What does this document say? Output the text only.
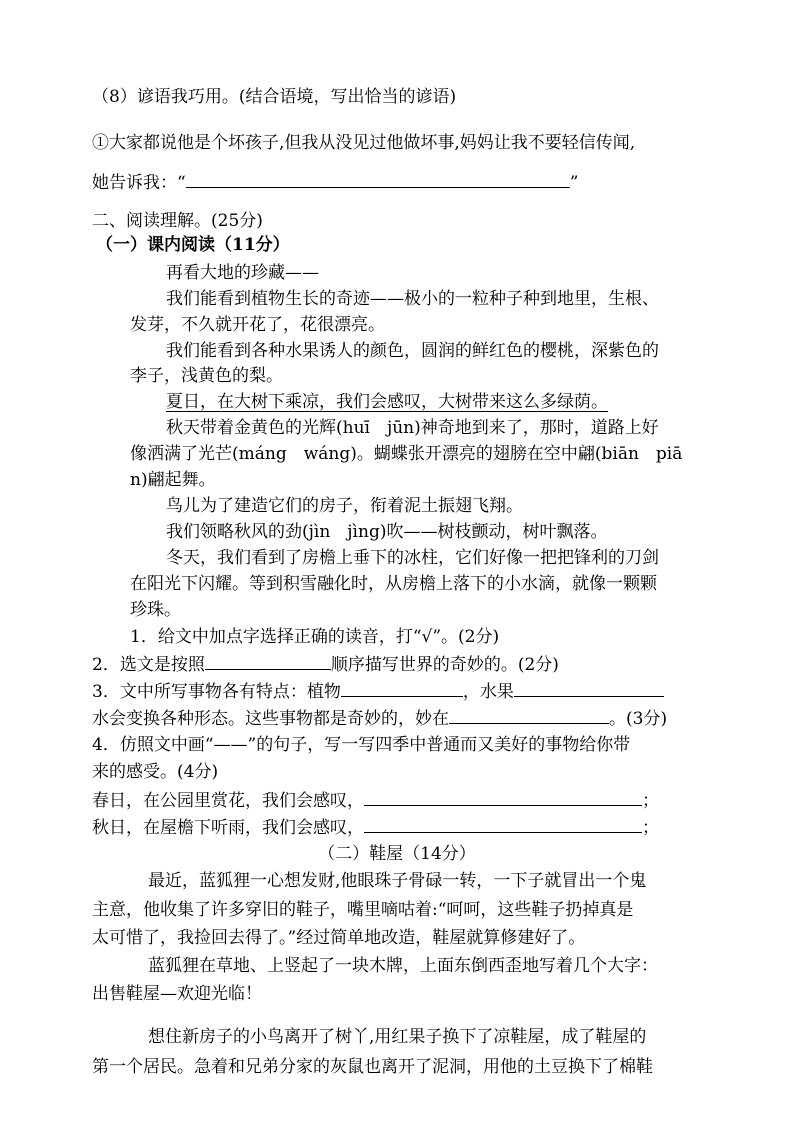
（8）谚语我巧用。(结合语境，写出恰当的谚语)
①大家都说他是个坏孩子,但我从没见过他做坏事,妈妈让我不要轻信传闻,
她告诉我：“	”
二、阅读理解。(25分)
（一）课内阅读（11分）
再看大地的珍藏——
我们能看到植物生长的奇迹——极小的一粒种子种到地里，生根、
发芽，不久就开花了，花很漂亮。
我们能看到各种水果诱人的颜色，圆润的鲜红色的樱桃，深紫色的
李子，浅黄色的梨。
夏日，在大树下乘凉，我们会感叹，大树带来这么多绿荫。
秋天带着金黄色的光辉(huī　jūn)神奇地到来了，那时，道路上好
像洒满了光芒(máng　wáng)。蝴蝶张开漂亮的翅膀在空中翩(biān　piā
n)翩起舞。
鸟儿为了建造它们的房子，衔着泥土振翅飞翔。
我们领略秋风的劲(jìn　jìng)吹——树枝颤动，树叶飘落。
冬天，我们看到了房檐上垂下的冰柱，它们好像一把把锋利的刀剑
在阳光下闪耀。等到积雪融化时，从房檐上落下的小水滴，就像一颗颗
珍珠。
1．给文中加点字选择正确的读音，打“√”。(2分)
2．选文是按照	顺序描写世界的奇妙的。(2分)
3．文中所写事物各有特点：植物	，水果
水会变换各种形态。这些事物都是奇妙的，妙在	。(3分)
4．仿照文中画“——”的句子，写一写四季中普通而又美好的事物给你带
来的感受。(4分)
春日，在公园里赏花，我们会感叹，	；
秋日，在屋檐下听雨，我们会感叹，	；
（二）鞋屋（14分）
最近，蓝狐狸一心想发财,他眼珠子骨碌一转，一下子就冒出一个鬼
主意，他收集了许多穿旧的鞋子，嘴里嘀咕着:“呵呵，这些鞋子扔掉真是
太可惜了，我捡回去得了。”经过简单地改造，鞋屋就算修建好了。
蓝狐狸在草地、上竖起了一块木牌，上面东倒西歪地写着几个大字：
出售鞋屋—欢迎光临！
想住新房子的小鸟离开了树丫,用红果子换下了凉鞋屋，成了鞋屋的
第一个居民。急着和兄弟分家的灰鼠也离开了泥洞，用他的土豆换下了棉鞋
